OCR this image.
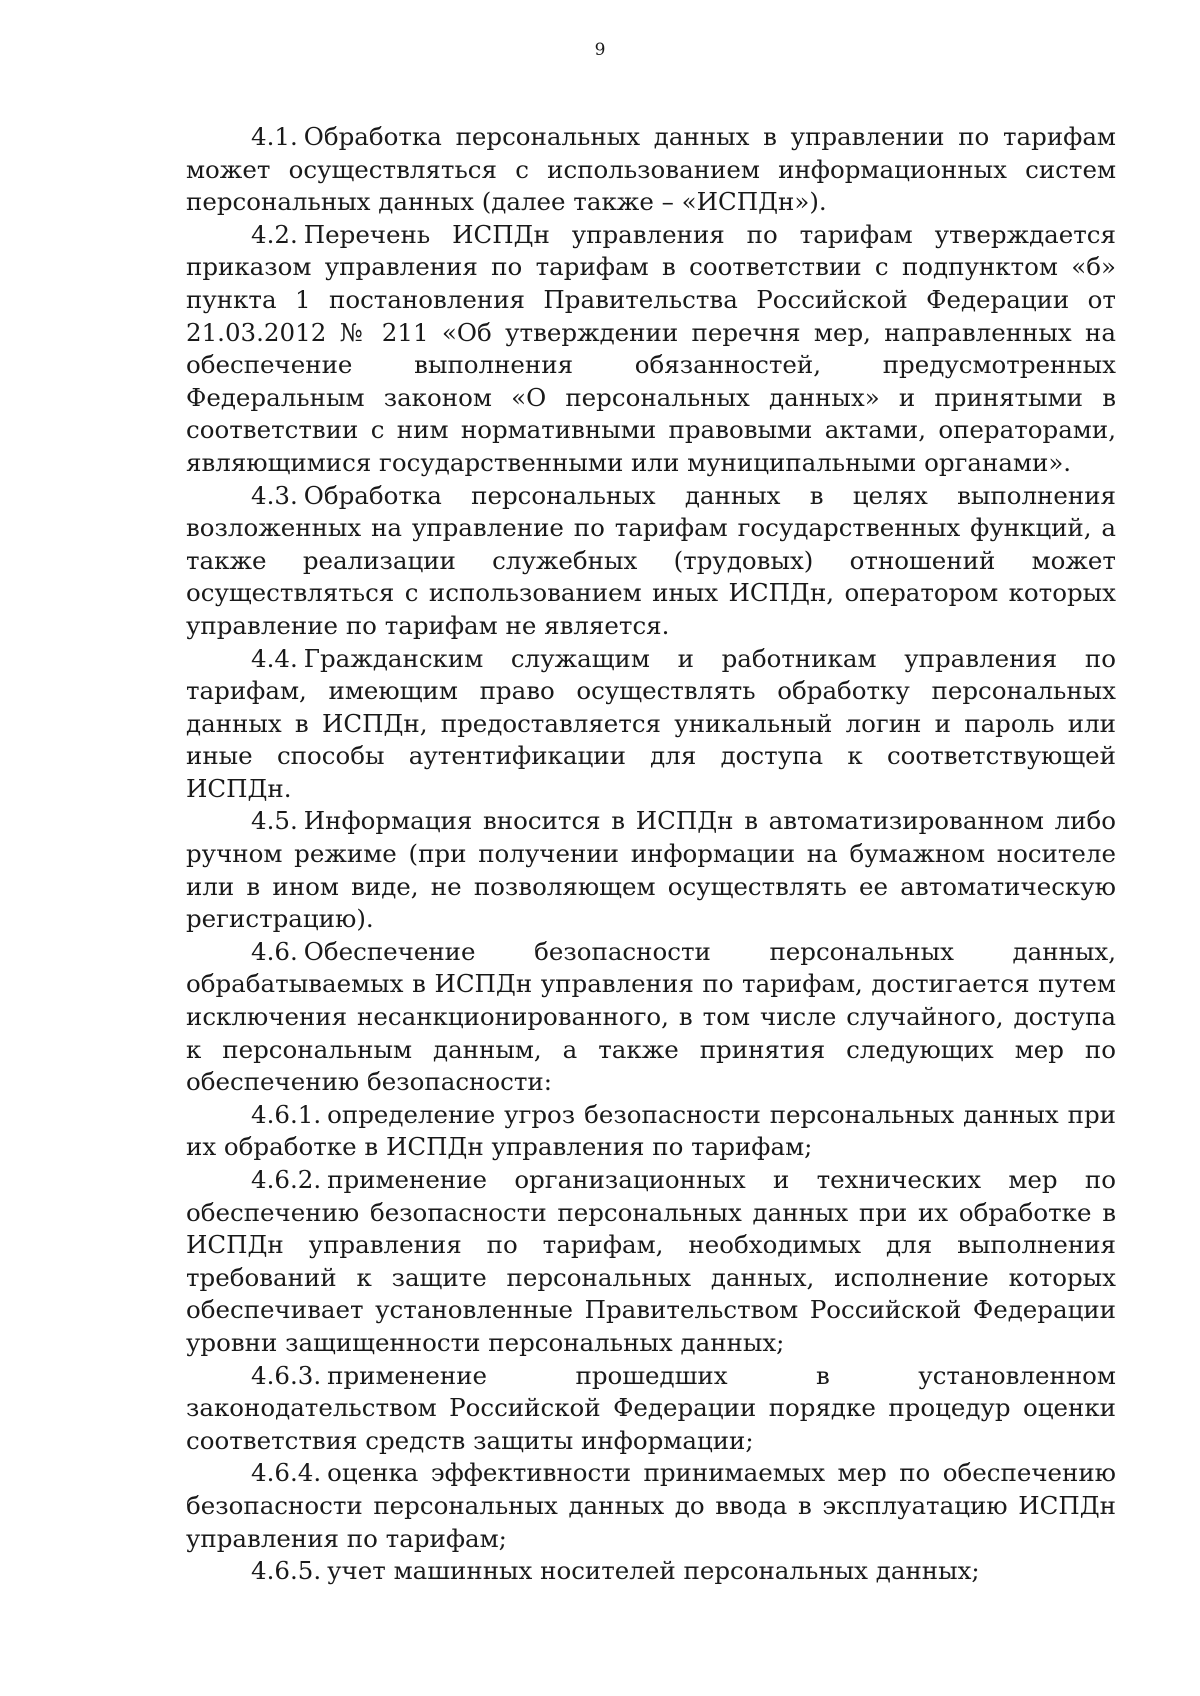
9

4.1. Обработка персональных данных в управлении по тарифам может осуществляться с использованием информационных систем персональных данных (далее также – «ИСПДн»).

4.2. Перечень ИСПДн управления по тарифам утверждается приказом управления по тарифам в соответствии с подпунктом «б» пункта 1 постановления Правительства Российской Федерации от 21.03.2012 № 211 «Об утверждении перечня мер, направленных на обеспечение выполнения обязанностей, предусмотренных Федеральным законом «О персональных данных» и принятыми в соответствии с ним нормативными правовыми актами, операторами, являющимися государственными или муниципальными органами».

4.3. Обработка персональных данных в целях выполнения возложенных на управление по тарифам государственных функций, а также реализации служебных (трудовых) отношений может осуществляться с использованием иных ИСПДн, оператором которых управление по тарифам не является.

4.4. Гражданским служащим и работникам управления по тарифам, имеющим право осуществлять обработку персональных данных в ИСПДн, предоставляется уникальный логин и пароль или иные способы аутентификации для доступа к соответствующей ИСПДн.

4.5. Информация вносится в ИСПДн в автоматизированном либо ручном режиме (при получении информации на бумажном носителе или в ином виде, не позволяющем осуществлять ее автоматическую регистрацию).

4.6. Обеспечение безопасности персональных данных, обрабатываемых в ИСПДн управления по тарифам, достигается путем исключения несанкционированного, в том числе случайного, доступа к персональным данным, а также принятия следующих мер по обеспечению безопасности:

4.6.1. определение угроз безопасности персональных данных при их обработке в ИСПДн управления по тарифам;

4.6.2. применение организационных и технических мер по обеспечению безопасности персональных данных при их обработке в ИСПДн управления по тарифам, необходимых для выполнения требований к защите персональных данных, исполнение которых обеспечивает установленные Правительством Российской Федерации уровни защищенности персональных данных;

4.6.3. применение прошедших в установленном законодательством Российской Федерации порядке процедур оценки соответствия средств защиты информации;

4.6.4. оценка эффективности принимаемых мер по обеспечению безопасности персональных данных до ввода в эксплуатацию ИСПДн управления по тарифам;

4.6.5. учет машинных носителей персональных данных;
